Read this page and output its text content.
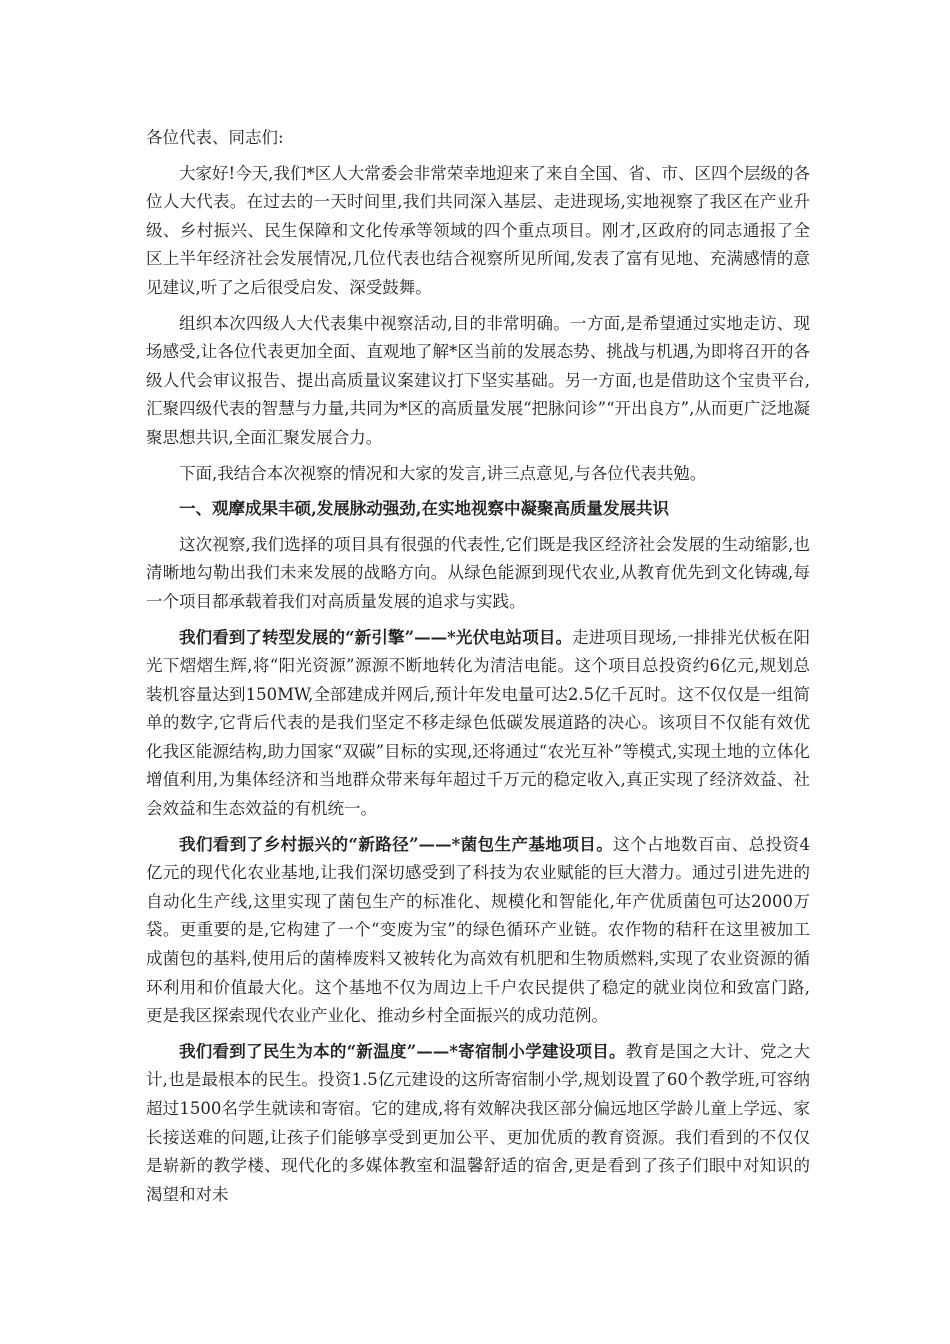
各位代表、同志们:

大家好!今天,我们*区人大常委会非常荣幸地迎来了来自全国、省、市、区四个层级的各位人大代表。在过去的一天时间里,我们共同深入基层、走进现场,实地视察了我区在产业升级、乡村振兴、民生保障和文化传承等领域的四个重点项目。刚才,区政府的同志通报了全区上半年经济社会发展情况,几位代表也结合视察所见所闻,发表了富有见地、充满感情的意见建议,听了之后很受启发、深受鼓舞。

组织本次四级人大代表集中视察活动,目的非常明确。一方面,是希望通过实地走访、现场感受,让各位代表更加全面、直观地了解*区当前的发展态势、挑战与机遇,为即将召开的各级人代会审议报告、提出高质量议案建议打下坚实基础。另一方面,也是借助这个宝贵平台,汇聚四级代表的智慧与力量,共同为*区的高质量发展“把脉问诊”“开出良方”,从而更广泛地凝聚思想共识,全面汇聚发展合力。

下面,我结合本次视察的情况和大家的发言,讲三点意见,与各位代表共勉。

一、观摩成果丰硕,发展脉动强劲,在实地视察中凝聚高质量发展共识

这次视察,我们选择的项目具有很强的代表性,它们既是我区经济社会发展的生动缩影,也清晰地勾勒出我们未来发展的战略方向。从绿色能源到现代农业,从教育优先到文化铸魂,每一个项目都承载着我们对高质量发展的追求与实践。

我们看到了转型发展的“新引擎”——*光伏电站项目。走进项目现场,一排排光伏板在阳光下熠熠生辉,将“阳光资源”源源不断地转化为清洁电能。这个项目总投资约6亿元,规划总装机容量达到150MW,全部建成并网后,预计年发电量可达2.5亿千瓦时。这不仅仅是一组简单的数字,它背后代表的是我们坚定不移走绿色低碳发展道路的决心。该项目不仅能有效优化我区能源结构,助力国家“双碳”目标的实现,还将通过“农光互补”等模式,实现土地的立体化增值利用,为集体经济和当地群众带来每年超过千万元的稳定收入,真正实现了经济效益、社会效益和生态效益的有机统一。

我们看到了乡村振兴的“新路径”——*菌包生产基地项目。这个占地数百亩、总投资4亿元的现代化农业基地,让我们深切感受到了科技为农业赋能的巨大潜力。通过引进先进的自动化生产线,这里实现了菌包生产的标准化、规模化和智能化,年产优质菌包可达2000万袋。更重要的是,它构建了一个“变废为宝”的绿色循环产业链。农作物的秸秆在这里被加工成菌包的基料,使用后的菌棒废料又被转化为高效有机肥和生物质燃料,实现了农业资源的循环利用和价值最大化。这个基地不仅为周边上千户农民提供了稳定的就业岗位和致富门路,更是我区探索现代农业产业化、推动乡村全面振兴的成功范例。

我们看到了民生为本的“新温度”——*寄宿制小学建设项目。教育是国之大计、党之大计,也是最根本的民生。投资1.5亿元建设的这所寄宿制小学,规划设置了60个教学班,可容纳超过1500名学生就读和寄宿。它的建成,将有效解决我区部分偏远地区学龄儿童上学远、家长接送难的问题,让孩子们能够享受到更加公平、更加优质的教育资源。我们看到的不仅仅是崭新的教学楼、现代化的多媒体教室和温馨舒适的宿舍,更是看到了孩子们眼中对知识的渴望和对未
